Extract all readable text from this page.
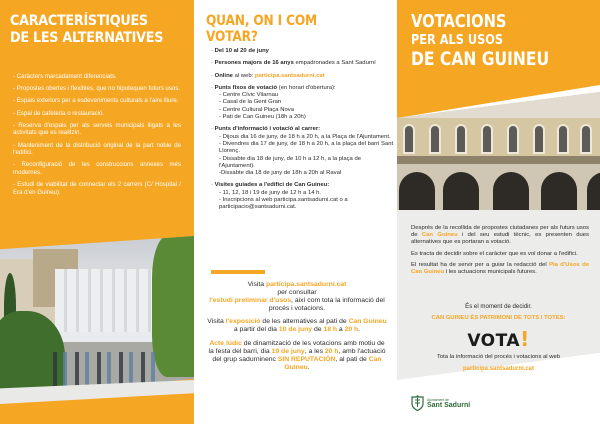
CARACTERÍSTIQUES
DE LES ALTERNATIVES
- Caràcters marcadament diferenciats.
- Propostes obertes i flexibles, que no hipotequen futurs usos.
- Espais exteriors per a esdeveniments culturals a l'aire lliure.
- Espai de cafeteria o restauració.
- Reserva d'espais per als serveis municipals lligats a les activitats que es realitzin.
- Manteniment de la distribució original de la part noble de l'edifici.
- Reconfiguració de les construccions annexes més modernes.
- Estudi de viabilitat de connectar els 2 carrers (C/ Hospital / Era d'en Guineu).
QUAN, ON I COM VOTAR?
· Del 10 al 20 de juny
· Persones majors de 16 anys empadronades a Sant Sadurní
· Online al web: participa.santsadurni.cat
· Punts fixos de votació (en horari d'obertura):
- Centre Cívic Vilarnau
- Casal de la Gent Gran
- Centre Cultural Plaça Nova
- Pati de Can Guineu (18h a 20h)
· Punts d'informació i votació al carrer:
- Dijous dia 16 de juny, de 18 h a 20 h, a la Plaça de l'Ajuntament.
- Divendres dia 17 de juny, de 18 h a 20 h, a la plaça del barri Sant Llorenç.
- Dissabte dia 18 de juny, de 10 h a 12 h, a la plaça de l'Ajuntament).
-Dissabte dia 18 de juny de 18h a 20h al Raval
· Visites guiades a l'edifici de Can Guineu:
- 11, 12, 18 i 19 de juny de 12 h a 14 h.
- Inscripcions al web participa.santsadurni.cat o a participacio@santsadurni.cat.

Visita participa.santsadurni.cat
per consultar
l'estudi preliminar d'usos, així com tota la informació del procés i votacions.

Visita l'exposició de les alternatives al pati de Can Guineu a partir del dia 10 de juny de 18 h a 20 h.

Acte lúdic de dinamització de les votacions amb motiu de la festa del barri, dia 19 de juny, a les 20 h, amb l'actuació del grup sadurninenc SIN REPUTACIÓN, al pati de Can Guineu.

VOTACIONS
PER ALS USOS
DE CAN GUINEU

Després de la recollida de propostes ciutadanes per als futurs usos de Can Guineu i del seu estudi tècnic, es presenten dues alternatives que es portaran a votació.

Es tracta de decidir sobre el caràcter que es vol donar a l'edifici.

El resultat ha de servir per a guiar la redacció del Pla d'Usos de Can Guineu i les actuacions municipals futures.

És el moment de decidir.
CAN GUINEU ÉS PATRIMONI DE TOTS I TOTES:
VOTA!
Tota la informació del procés i votacions al web
participa.santsadurni.cat
Ajuntament de
Sant Sadurní
